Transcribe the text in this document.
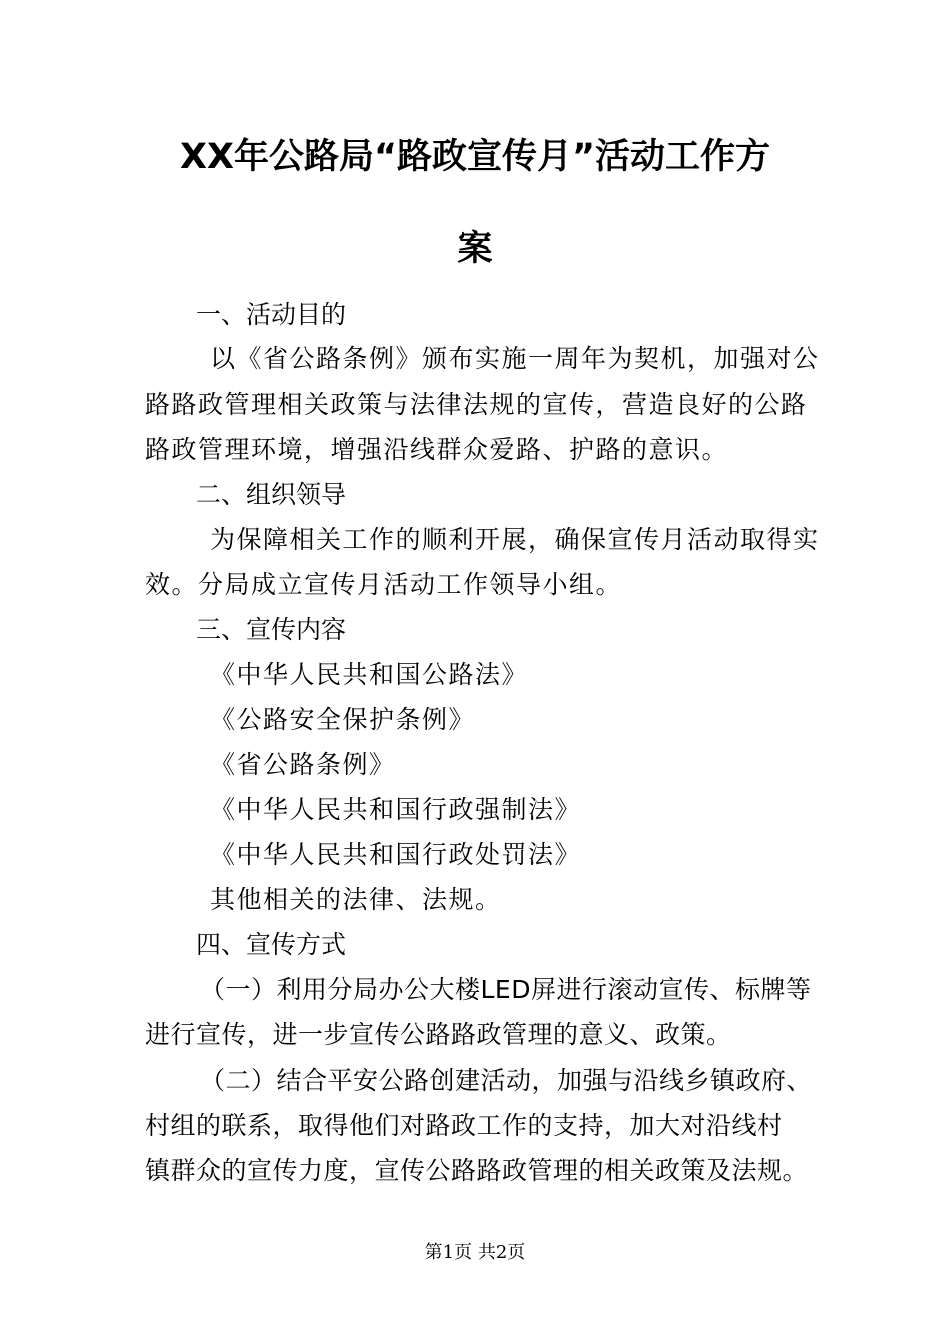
XX年公路局“路政宣传月”活动工作方
案
一、活动目的
以《省公路条例》颁布实施一周年为契机，加强对公
路路政管理相关政策与法律法规的宣传，营造良好的公路
路政管理环境，增强沿线群众爱路、护路的意识。
二、组织领导
为保障相关工作的顺利开展，确保宣传月活动取得实
效。分局成立宣传月活动工作领导小组。
三、宣传内容
《中华人民共和国公路法》
《公路安全保护条例》
《省公路条例》
《中华人民共和国行政强制法》
《中华人民共和国行政处罚法》
其他相关的法律、法规。
四、宣传方式
（一）利用分局办公大楼LED屏进行滚动宣传、标牌等
进行宣传，进一步宣传公路路政管理的意义、政策。
（二）结合平安公路创建活动，加强与沿线乡镇政府、
村组的联系，取得他们对路政工作的支持，加大对沿线村
镇群众的宣传力度，宣传公路路政管理的相关政策及法规。
第1页 共2页
